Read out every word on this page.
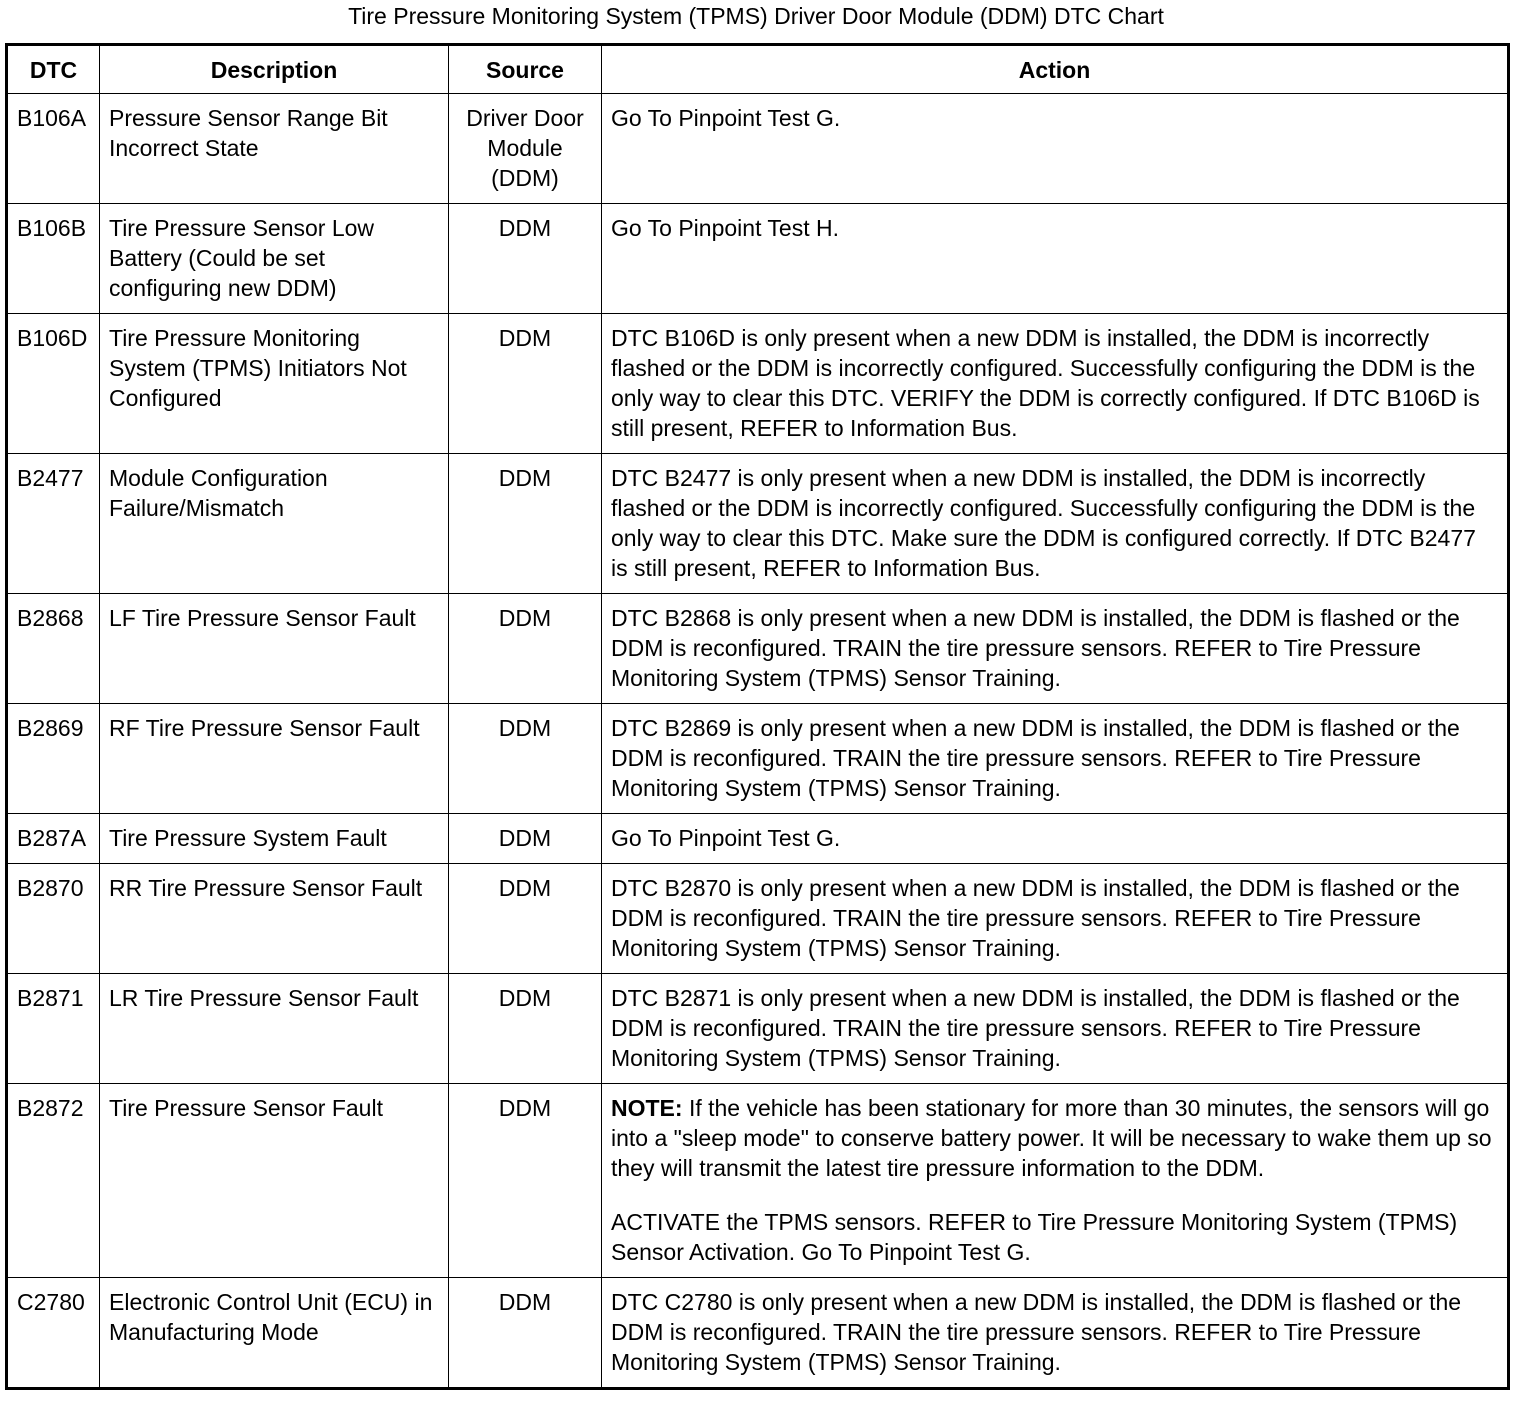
Tire Pressure Monitoring System (TPMS) Driver Door Module (DDM) DTC Chart
DTC	Description	Source	Action
B106A	Pressure Sensor Range Bit Incorrect State	Driver Door Module (DDM)	Go To Pinpoint Test G.
B106B	Tire Pressure Sensor Low Battery (Could be set configuring new DDM)	DDM	Go To Pinpoint Test H.
B106D	Tire Pressure Monitoring System (TPMS) Initiators Not Configured	DDM	DTC B106D is only present when a new DDM is installed, the DDM is incorrectly flashed or the DDM is incorrectly configured. Successfully configuring the DDM is the only way to clear this DTC. VERIFY the DDM is correctly configured. If DTC B106D is still present, REFER to Information Bus.
B2477	Module Configuration Failure/Mismatch	DDM	DTC B2477 is only present when a new DDM is installed, the DDM is incorrectly flashed or the DDM is incorrectly configured. Successfully configuring the DDM is the only way to clear this DTC. Make sure the DDM is configured correctly. If DTC B2477 is still present, REFER to Information Bus.
B2868	LF Tire Pressure Sensor Fault	DDM	DTC B2868 is only present when a new DDM is installed, the DDM is flashed or the DDM is reconfigured. TRAIN the tire pressure sensors. REFER to Tire Pressure Monitoring System (TPMS) Sensor Training.
B2869	RF Tire Pressure Sensor Fault	DDM	DTC B2869 is only present when a new DDM is installed, the DDM is flashed or the DDM is reconfigured. TRAIN the tire pressure sensors. REFER to Tire Pressure Monitoring System (TPMS) Sensor Training.
B287A	Tire Pressure System Fault	DDM	Go To Pinpoint Test G.
B2870	RR Tire Pressure Sensor Fault	DDM	DTC B2870 is only present when a new DDM is installed, the DDM is flashed or the DDM is reconfigured. TRAIN the tire pressure sensors. REFER to Tire Pressure Monitoring System (TPMS) Sensor Training.
B2871	LR Tire Pressure Sensor Fault	DDM	DTC B2871 is only present when a new DDM is installed, the DDM is flashed or the DDM is reconfigured. TRAIN the tire pressure sensors. REFER to Tire Pressure Monitoring System (TPMS) Sensor Training.
B2872	Tire Pressure Sensor Fault	DDM	NOTE: If the vehicle has been stationary for more than 30 minutes, the sensors will go into a "sleep mode" to conserve battery power. It will be necessary to wake them up so they will transmit the latest tire pressure information to the DDM.
ACTIVATE the TPMS sensors. REFER to Tire Pressure Monitoring System (TPMS) Sensor Activation. Go To Pinpoint Test G.

C2780	Electronic Control Unit (ECU) in Manufacturing Mode	DDM	DTC C2780 is only present when a new DDM is installed, the DDM is flashed or the DDM is reconfigured. TRAIN the tire pressure sensors. REFER to Tire Pressure Monitoring System (TPMS) Sensor Training.
